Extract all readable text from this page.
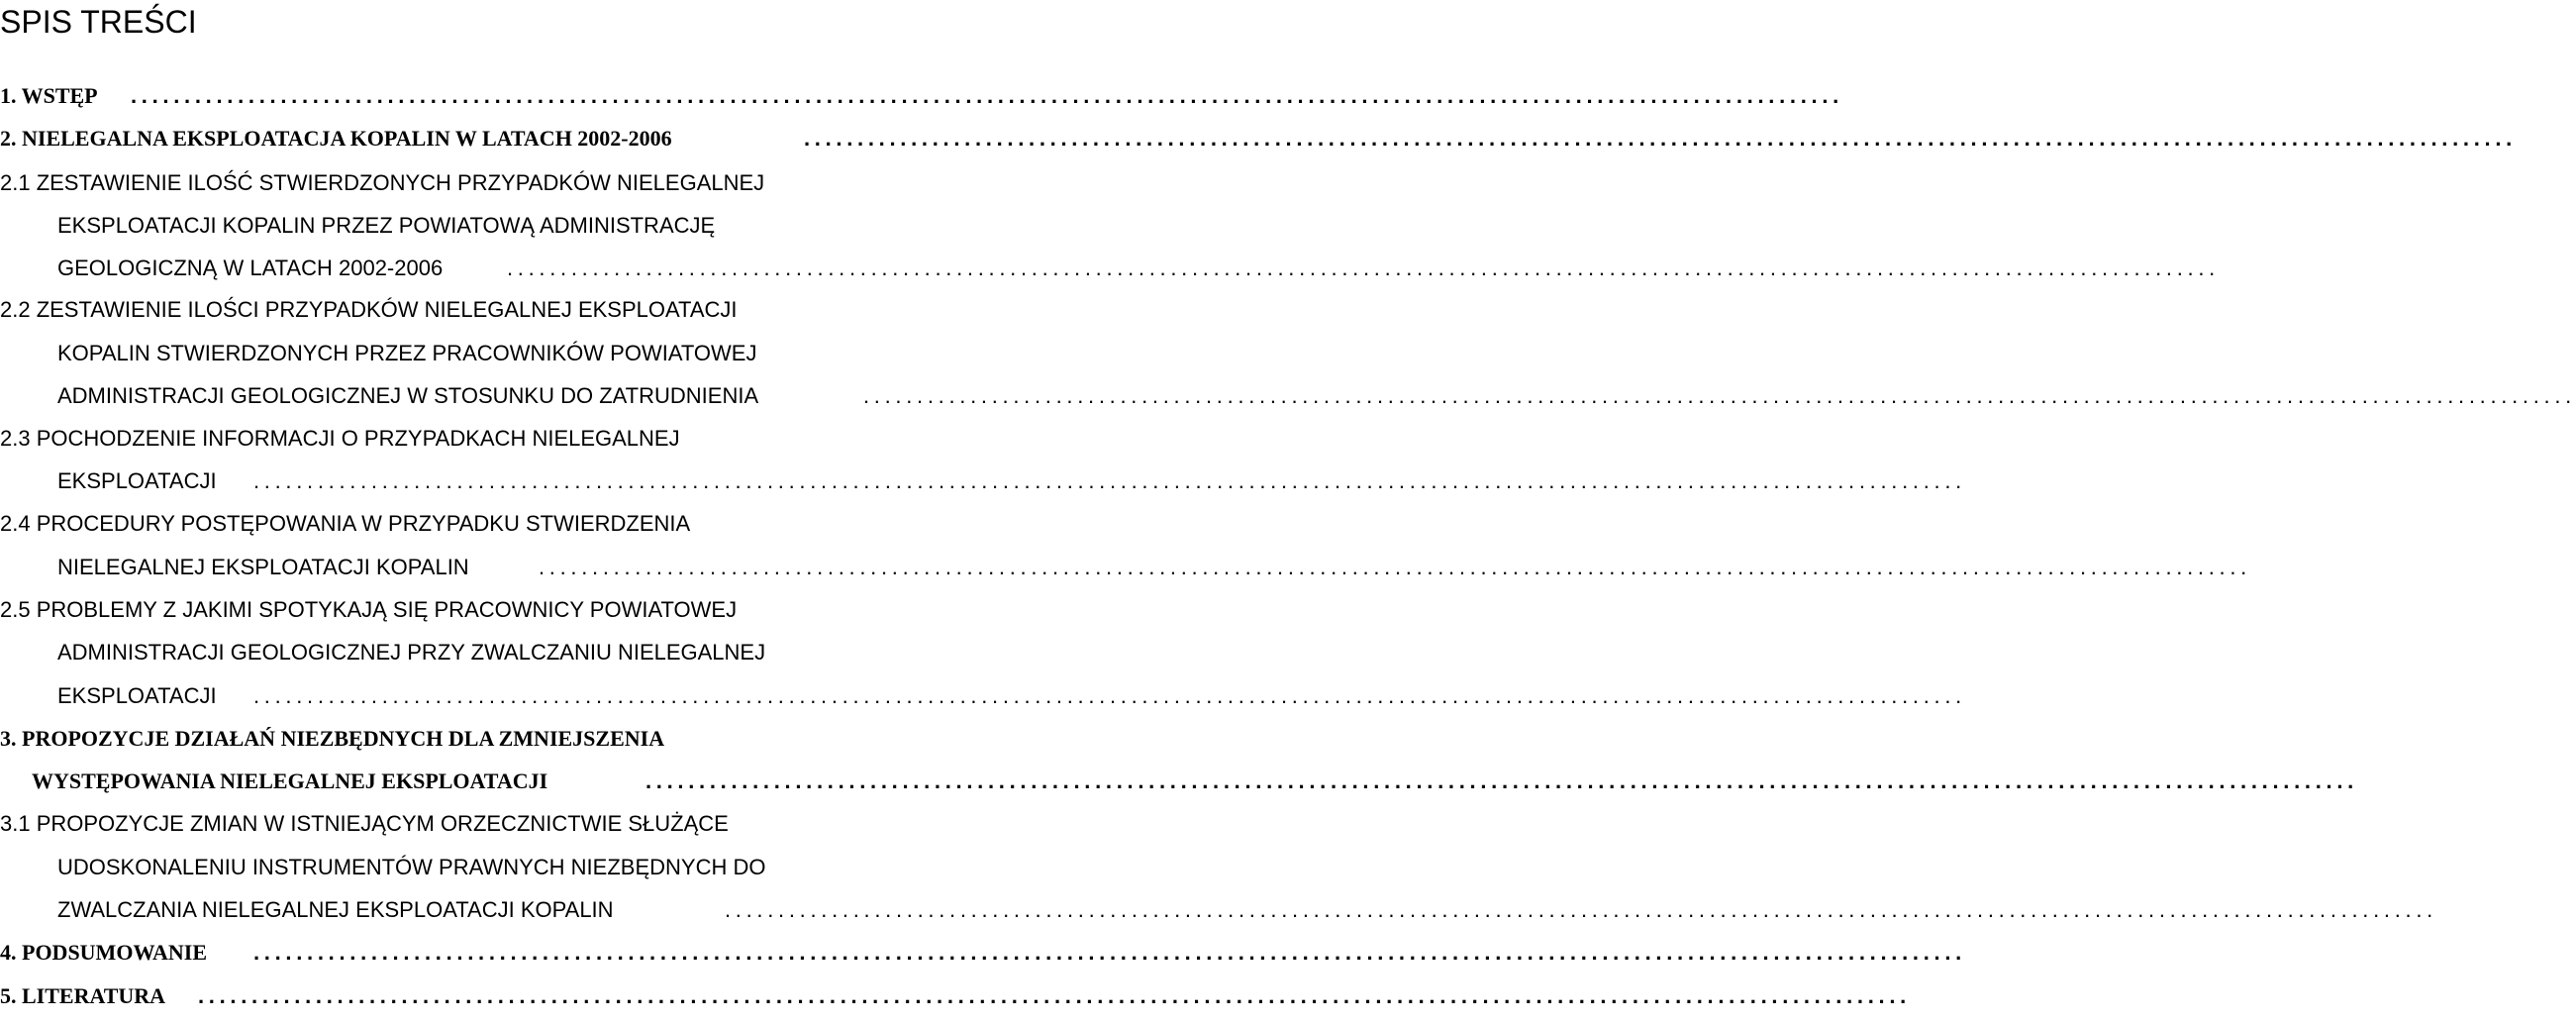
SPIS TREŚCI
1. WSTĘP ................................................................................................................................................................
2. NIELEGALNA EKSPLOATACJA KOPALIN W LATACH 2002-2006	................................................................................................................................................................
2.1 ZESTAWIENIE ILOŚĆ STWIERDZONYCH PRZYPADKÓW NIELEGALNEJ
EKSPLOATACJI KOPALIN PRZEZ POWIATOWĄ ADMINISTRACJĘ
GEOLOGICZNĄ W LATACH 2002-2006	................................................................................................................................................................
2.2 ZESTAWIENIE ILOŚCI PRZYPADKÓW NIELEGALNEJ EKSPLOATACJI
KOPALIN STWIERDZONYCH PRZEZ PRACOWNIKÓW POWIATOWEJ
ADMINISTRACJI GEOLOGICZNEJ W STOSUNKU DO ZATRUDNIENIA	................................................................................................................................................................
2.3 POCHODZENIE INFORMACJI O PRZYPADKACH NIELEGALNEJ
EKSPLOATACJI ................................................................................................................................................................
2.4 PROCEDURY POSTĘPOWANIA W PRZYPADKU STWIERDZENIA
NIELEGALNEJ EKSPLOATACJI KOPALIN	................................................................................................................................................................
2.5 PROBLEMY Z JAKIMI SPOTYKAJĄ SIĘ PRACOWNICY POWIATOWEJ
ADMINISTRACJI GEOLOGICZNEJ PRZY ZWALCZANIU NIELEGALNEJ
EKSPLOATACJI ................................................................................................................................................................
3. PROPOZYCJE DZIAŁAŃ NIEZBĘDNYCH DLA ZMNIEJSZENIA
WYSTĘPOWANIA NIELEGALNEJ EKSPLOATACJI	................................................................................................................................................................
3.1 PROPOZYCJE ZMIAN W ISTNIEJĄCYM ORZECZNICTWIE SŁUŻĄCE
UDOSKONALENIU INSTRUMENTÓW PRAWNYCH NIEZBĘDNYCH DO
ZWALCZANIA NIELEGALNEJ EKSPLOATACJI KOPALIN	................................................................................................................................................................
4. PODSUMOWANIE ................................................................................................................................................................
5. LITERATURA ................................................................................................................................................................
